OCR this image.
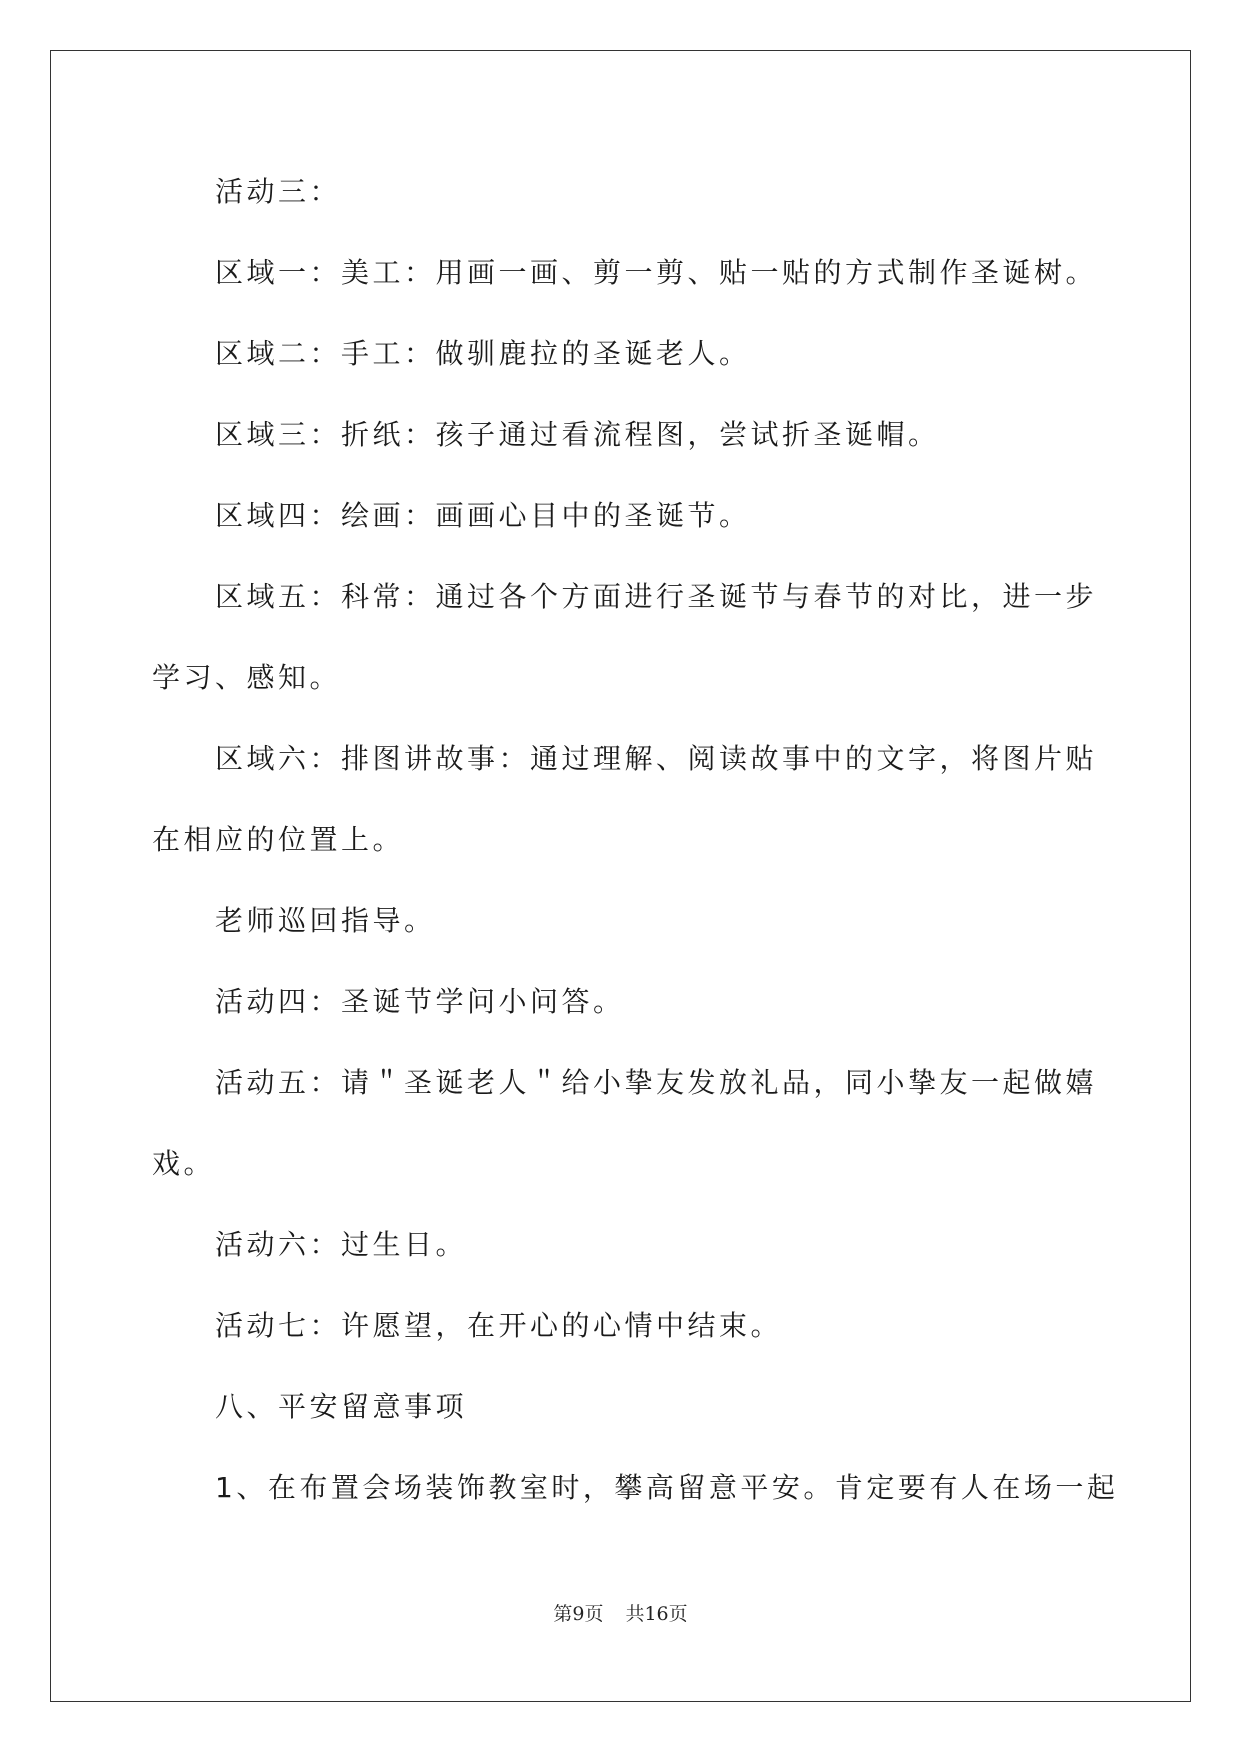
活动三：
区域一：美工：用画一画、剪一剪、贴一贴的方式制作圣诞树。
区域二：手工：做驯鹿拉的圣诞老人。
区域三：折纸：孩子通过看流程图，尝试折圣诞帽。
区域四：绘画：画画心目中的圣诞节。
区域五：科常：通过各个方面进行圣诞节与春节的对比，进一步
学习、感知。
区域六：排图讲故事：通过理解、阅读故事中的文字，将图片贴
在相应的位置上。
老师巡回指导。
活动四：圣诞节学问小问答。
活动五：请＂圣诞老人＂给小挚友发放礼品，同小挚友一起做嬉
戏。
活动六：过生日。
活动七：许愿望，在开心的心情中结束。
八、平安留意事项
1、在布置会场装饰教室时，攀高留意平安。肯定要有人在场一起
第9页 共16页
